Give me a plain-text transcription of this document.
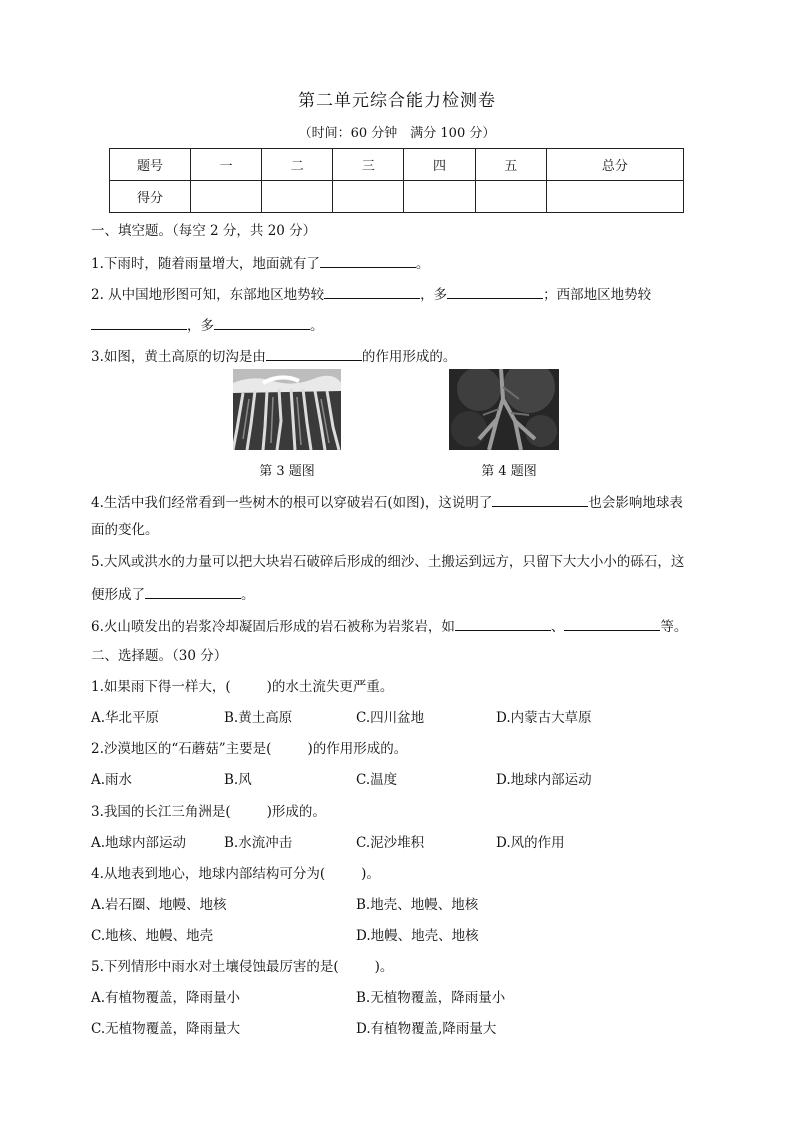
第二单元综合能力检测卷
（时间：60 分钟　满分 100 分）
题号	一	二	三	四	五	总分
得分						
一、填空题。（每空 2 分，共 20 分）
1.下雨时，随着雨量增大，地面就有了	。
2. 从中国地形图可知，东部地区地势较	，多	；西部地区地势较
，多	。
3.如图，黄土高原的切沟是由	的作用形成的。
第 3 题图	第 4 题图
4.生活中我们经常看到一些树木的根可以穿破岩石(如图)，这说明了	也会影响地球表
面的变化。
5.大风或洪水的力量可以把大块岩石破碎后形成的细沙、土搬运到远方，只留下大大小小的砾石，这
便形成了	。
6.火山喷发出的岩浆冷却凝固后形成的岩石被称为岩浆岩，如	、	等。
二、选择题。（30 分）
1.如果雨下得一样大，(	)的水土流失更严重。
A.华北平原	B.黄土高原	C.四川盆地	D.内蒙古大草原
2.沙漠地区的“石蘑菇”主要是(	)的作用形成的。
A.雨水	B.风	C.温度	D.地球内部运动
3.我国的长江三角洲是(	)形成的。
A.地球内部运动	B.水流冲击	C.泥沙堆积	D.风的作用
4.从地表到地心，地球内部结构可分为(	)。
A.岩石圈、地幔、地核	B.地壳、地幔、地核
C.地核、地幔、地壳	D.地幔、地壳、地核
5.下列情形中雨水对土壤侵蚀最厉害的是(	)。
A.有植物覆盖，降雨量小	B.无植物覆盖，降雨量小
C.无植物覆盖，降雨量大	D.有植物覆盖,降雨量大
